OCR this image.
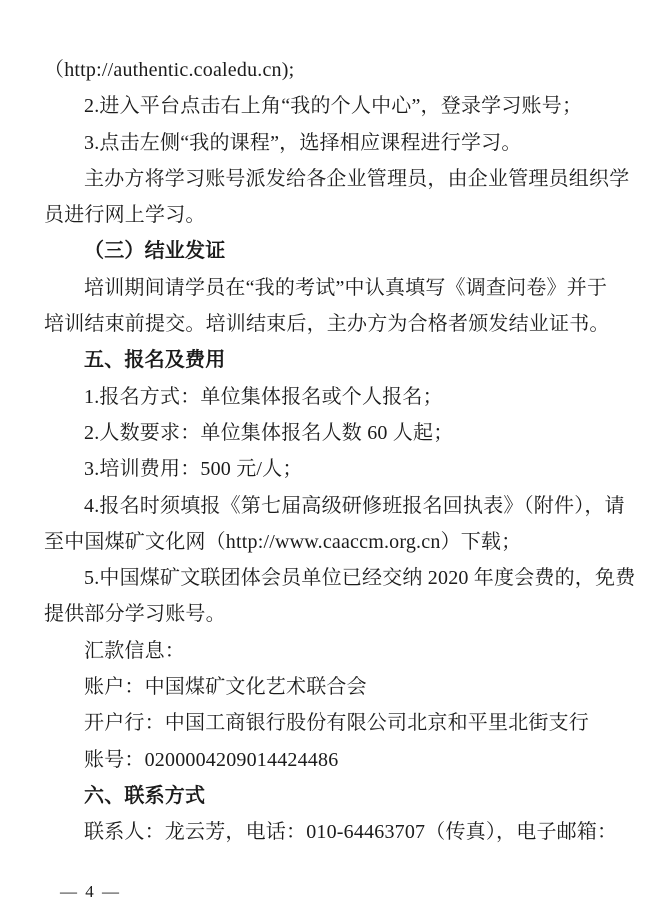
（http://authentic.coaledu.cn);
2.进入平台点击右上角“我的个人中心”，登录学习账号；
3.点击左侧“我的课程”，选择相应课程进行学习。
主办方将学习账号派发给各企业管理员，由企业管理员组织学
员进行网上学习。
（三）结业发证
培训期间请学员在“我的考试”中认真填写《调查问卷》并于
培训结束前提交。培训结束后，主办方为合格者颁发结业证书。
五、报名及费用
1.报名方式：单位集体报名或个人报名；
2.人数要求：单位集体报名人数 60 人起；
3.培训费用：500 元/人；
4.报名时须填报《第七届高级研修班报名回执表》（附件），请
至中国煤矿文化网（http://www.caaccm.org.cn）下载；
5.中国煤矿文联团体会员单位已经交纳 2020 年度会费的，免费
提供部分学习账号。
汇款信息：
账户：中国煤矿文化艺术联合会
开户行：中国工商银行股份有限公司北京和平里北街支行
账号：0200004209014424486
六、联系方式
联系人：龙云芳，电话：010-64463707（传真），电子邮箱：
— 4 —
